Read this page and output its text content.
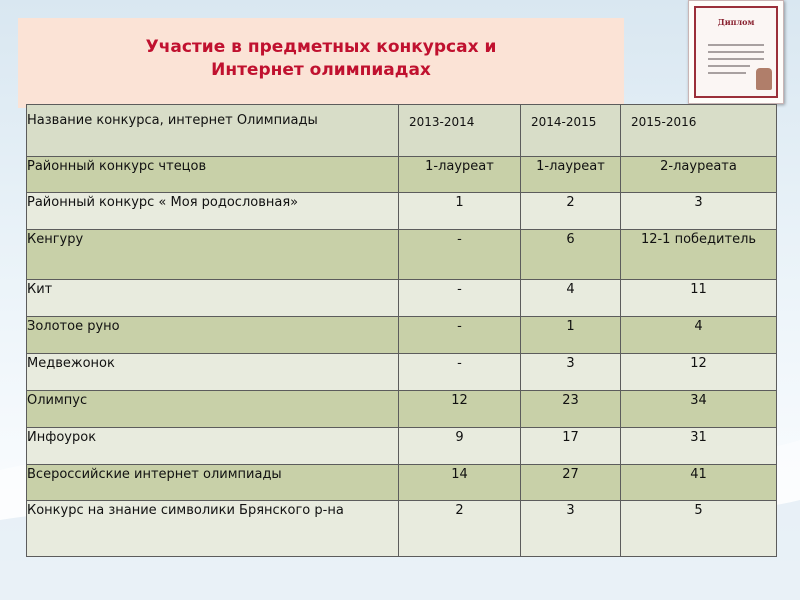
Участие в предметных конкурсах и Интернет олимпиадах
Диплом
Название конкурса, интернет Олимпиады	2013-2014	2014-2015	2015-2016
Районный конкурс чтецов	1-лауреат	1-лауреат	2-лауреата
Районный конкурс « Моя родословная»	1	2	3
Кенгуру	-	6	12-1 победитель
Кит	-	4	11
Золотое руно	-	1	4
Медвежонок	-	3	12
Олимпус	12	23	34
Инфоурок	9	17	31
Всероссийские интернет олимпиады	14	27	41
Конкурс на знание символики Брянского р-на	2	3	5
